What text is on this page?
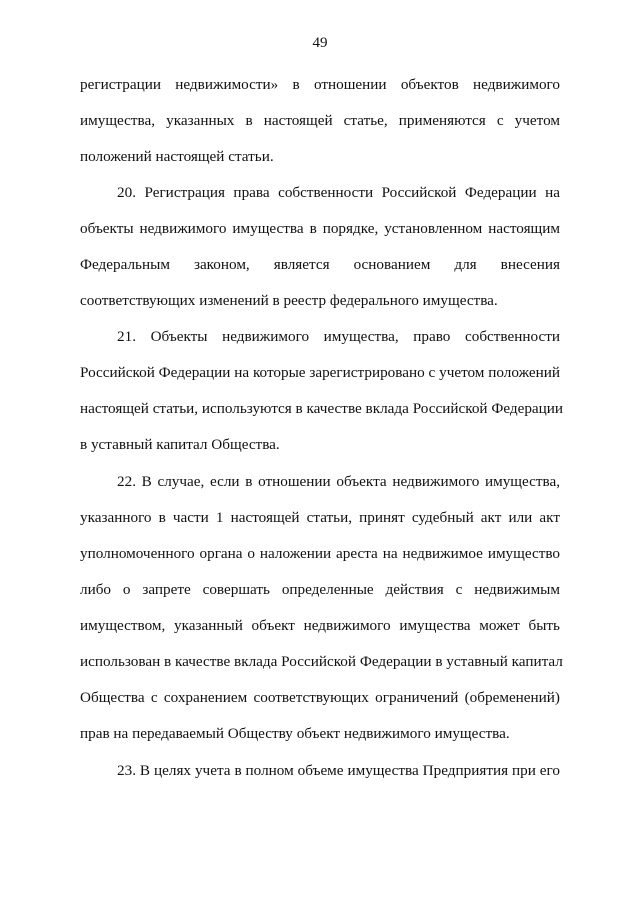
49
регистрации недвижимости» в отношении объектов недвижимого
имущества, указанных в настоящей статье, применяются с учетом
положений настоящей статьи.
20. Регистрация права собственности Российской Федерации на
объекты недвижимого имущества в порядке, установленном настоящим
Федеральным законом, является основанием для внесения
соответствующих изменений в реестр федерального имущества.
21. Объекты недвижимого имущества, право собственности
Российской Федерации на которые зарегистрировано с учетом положений
настоящей статьи, используются в качестве вклада Российской Федерации
в уставный капитал Общества.
22. В случае, если в отношении объекта недвижимого имущества,
указанного в части 1 настоящей статьи, принят судебный акт или акт
уполномоченного органа о наложении ареста на недвижимое имущество
либо о запрете совершать определенные действия с недвижимым
имуществом, указанный объект недвижимого имущества может быть
использован в качестве вклада Российской Федерации в уставный капитал
Общества с сохранением соответствующих ограничений (обременений)
прав на передаваемый Обществу объект недвижимого имущества.
23. В целях учета в полном объеме имущества Предприятия при его
